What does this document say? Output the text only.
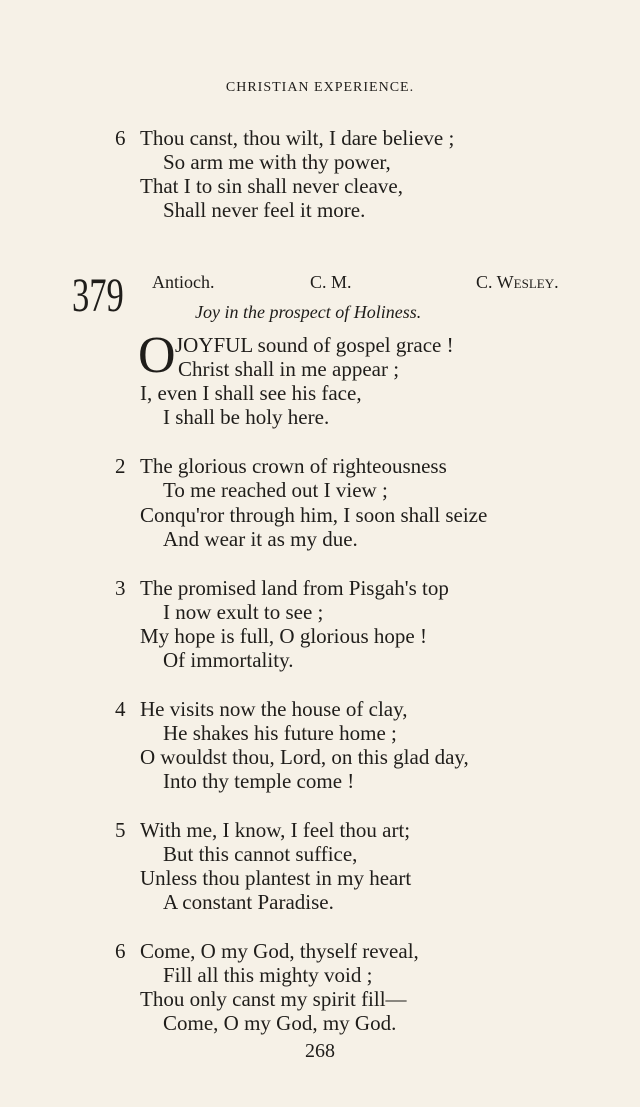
CHRISTIAN EXPERIENCE.
6 Thou canst, thou wilt, I dare believe ;
So arm me with thy power,
That I to sin shall never cleave,
Shall never feel it more.
379 Antioch.	C. M.	C. Wesley.
Joy in the prospect of Holiness.
O JOYFUL sound of gospel grace !
Christ shall in me appear ;
I, even I shall see his face,
I shall be holy here.
2 The glorious crown of righteousness
To me reached out I view ;
Conqu'ror through him, I soon shall seize
And wear it as my due.
3 The promised land from Pisgah's top
I now exult to see ;
My hope is full, O glorious hope !
Of immortality.
4 He visits now the house of clay,
He shakes his future home ;
O wouldst thou, Lord, on this glad day,
Into thy temple come !
5 With me, I know, I feel thou art;
But this cannot suffice,
Unless thou plantest in my heart
A constant Paradise.
6 Come, O my God, thyself reveal,
Fill all this mighty void ;
Thou only canst my spirit fill—
Come, O my God, my God.
268
